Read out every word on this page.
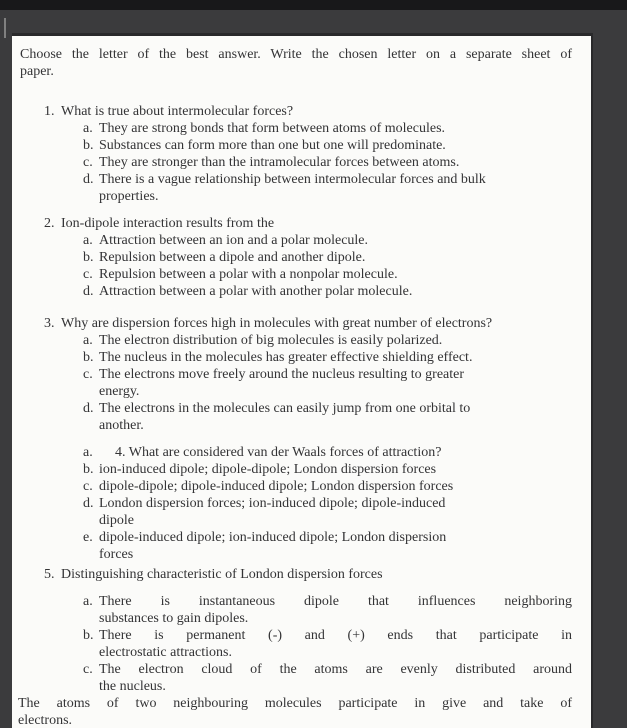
Choose the letter of the best answer. Write the chosen letter on a separate sheet of
paper.
1. What is true about intermolecular forces?
a. They are strong bonds that form between atoms of molecules.
b. Substances can form more than one but one will predominate.
c. They are stronger than the intramolecular forces between atoms.
d. There is a vague relationship between intermolecular forces and bulk
properties.
2. Ion-dipole interaction results from the
a. Attraction between an ion and a polar molecule.
b. Repulsion between a dipole and another dipole.
c. Repulsion between a polar with a nonpolar molecule.
d. Attraction between a polar with another polar molecule.
3. Why are dispersion forces high in molecules with great number of electrons?
a. The electron distribution of big molecules is easily polarized.
b. The nucleus in the molecules has greater effective shielding effect.
c. The electrons move freely around the nucleus resulting to greater
energy.
d. The electrons in the molecules can easily jump from one orbital to
another.
a.	4. What are considered van der Waals forces of attraction?
b. ion-induced dipole; dipole-dipole; London dispersion forces
c. dipole-dipole; dipole-induced dipole; London dispersion forces
d. London dispersion forces; ion-induced dipole; dipole-induced
dipole
e. dipole-induced dipole; ion-induced dipole; London dispersion
forces
5. Distinguishing characteristic of London dispersion forces
a. There is instantaneous dipole that influences neighboring
substances to gain dipoles.
b. There is permanent (-) and (+) ends that participate in
electrostatic attractions.
c. The electron cloud of the atoms are evenly distributed around
the nucleus.
The atoms of two neighbouring molecules participate in give and take of
electrons.
